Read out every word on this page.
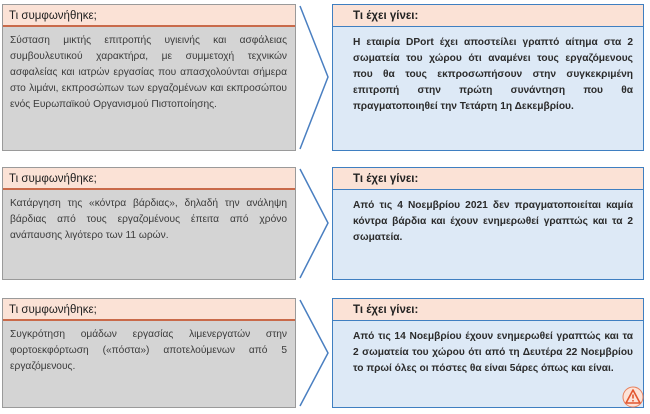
Τι συμφωνήθηκε;
Σύσταση μικτής επιτροπής υγιεινής και ασφάλειας συμβουλευτικού χαρακτήρα, με συμμετοχή τεχνικών ασφαλείας και ιατρών εργασίας που απασχολούνται σήμερα στο λιμάνι, εκπροσώπων των εργαζομένων και εκπροσώπου ενός Ευρωπαϊκού Οργανισμού Πιστοποίησης.
Τι έχει γίνει:
Η εταιρία DPort έχει αποστείλει γραπτό αίτημα στα 2 σωματεία του χώρου ότι αναμένει τους εργαζόμενους που θα τους εκπροσωπήσουν στην συγκεκριμένη επιτροπή στην πρώτη συνάντηση που θα πραγματοποιηθεί την Τετάρτη 1η Δεκεμβρίου.
Τι συμφωνήθηκε;
Κατάργηση της «κόντρα βάρδιας», δηλαδή την ανάληψη βάρδιας από τους εργαζομένους έπειτα από χρόνο ανάπαυσης λιγότερο των 11 ωρών.
Τι έχει γίνει:
Από τις 4 Νοεμβρίου 2021 δεν πραγματοποιείται καμία κόντρα βάρδια και έχουν ενημερωθεί γραπτώς και τα 2 σωματεία.
Τι συμφωνήθηκε;
Συγκρότηση ομάδων εργασίας λιμενεργατών στην φορτοεκφόρτωση («πόστα») αποτελούμενων από 5 εργαζόμενους.
Τι έχει γίνει:
Από τις 14 Νοεμβρίου έχουν ενημερωθεί γραπτώς και τα 2 σωματεία του χώρου ότι από τη Δευτέρα 22 Νοεμβρίου το πρωί όλες οι πόστες θα είναι 5άρες όπως και είναι.
